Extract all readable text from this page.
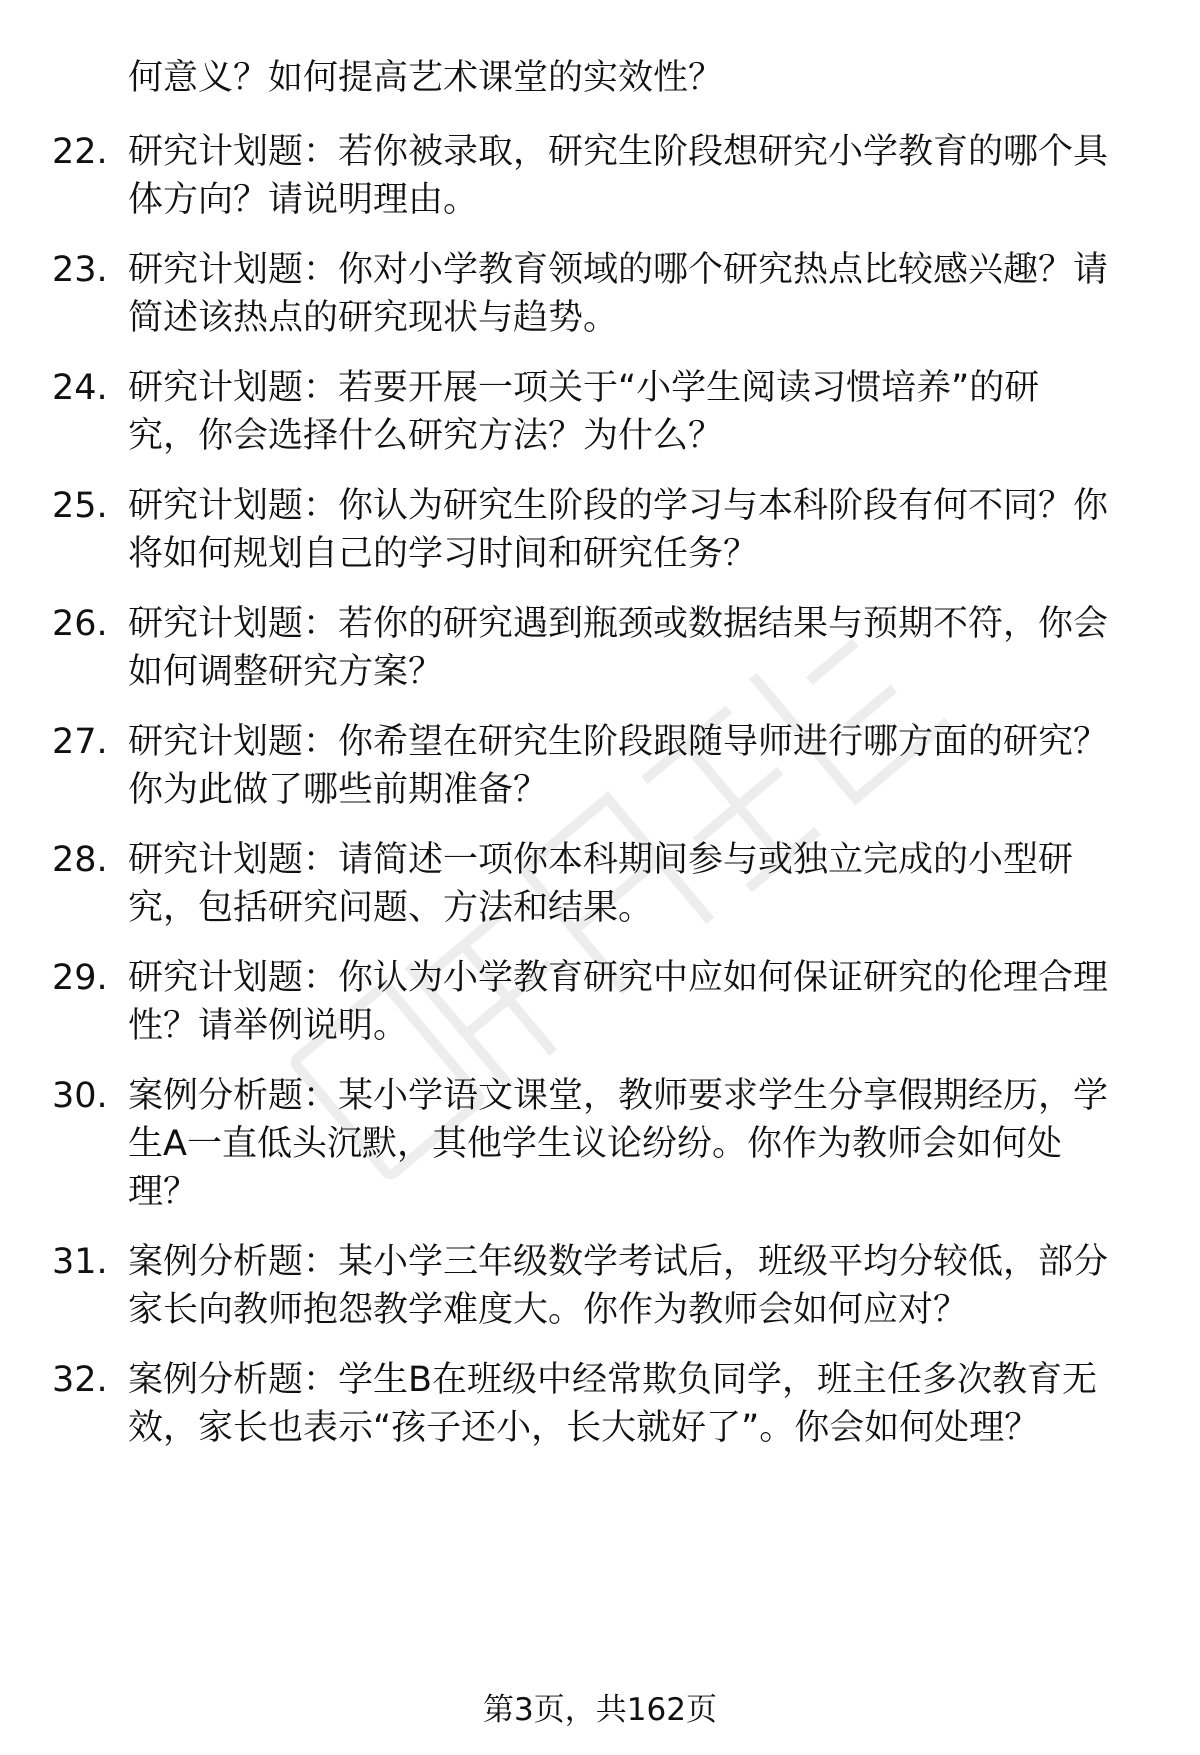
何意义？如何提高艺术课堂的实效性？
22. 研究计划题：若你被录取，研究生阶段想研究小学教育的哪个具
体方向？请说明理由。
23. 研究计划题：你对小学教育领域的哪个研究热点比较感兴趣？请
简述该热点的研究现状与趋势。
24. 研究计划题：若要开展一项关于“小学生阅读习惯培养”的研
究，你会选择什么研究方法？为什么？
25. 研究计划题：你认为研究生阶段的学习与本科阶段有何不同？你
将如何规划自己的学习时间和研究任务？
26. 研究计划题：若你的研究遇到瓶颈或数据结果与预期不符，你会
如何调整研究方案？
27. 研究计划题：你希望在研究生阶段跟随导师进行哪方面的研究？
你为此做了哪些前期准备？
28. 研究计划题：请简述一项你本科期间参与或独立完成的小型研
究，包括研究问题、方法和结果。
29. 研究计划题：你认为小学教育研究中应如何保证研究的伦理合理
性？请举例说明。
30. 案例分析题：某小学语文课堂，教师要求学生分享假期经历，学
生A一直低头沉默，其他学生议论纷纷。你作为教师会如何处
理？
31. 案例分析题：某小学三年级数学考试后，班级平均分较低，部分
家长向教师抱怨教学难度大。你作为教师会如何应对？
32. 案例分析题：学生B在班级中经常欺负同学，班主任多次教育无
效，家长也表示“孩子还小，长大就好了”。你会如何处理？
第3页，共162页
